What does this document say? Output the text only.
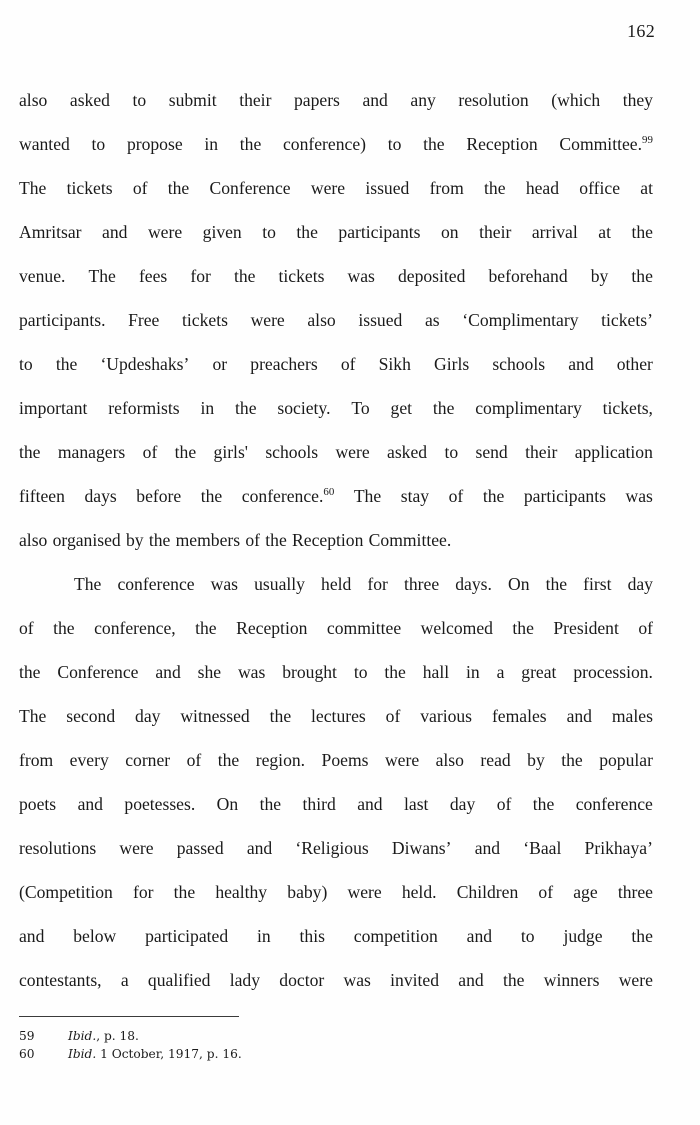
162
also asked to submit their papers and any resolution (which they
wanted to propose in the conference) to the Reception Committee.$^{99}$
The tickets of the Conference were issued from the head office at
Amritsar and were given to the participants on their arrival at the
venue. The fees for the tickets was deposited beforehand by the
participants. Free tickets were also issued as ‘Complimentary tickets’
to the ‘Updeshaks’ or preachers of Sikh Girls schools and other
important reformists in the society. To get the complimentary tickets,
the managers of the girls' schools were asked to send their application
fifteen days before the conference.$^{60}$ The stay of the participants was
also organised by the members of the Reception Committee.
The conference was usually held for three days. On the first day
of the conference, the Reception committee welcomed the President of
the Conference and she was brought to the hall in a great procession.
The second day witnessed the lectures of various females and males
from every corner of the region. Poems were also read by the popular
poets and poetesses. On the third and last day of the conference
resolutions were passed and ‘Religious Diwans’ and ‘Baal Prikhaya’
(Competition for the healthy baby) were held. Children of age three
and below participated in this competition and to judge the
contestants, a qualified lady doctor was invited and the winners were
59	Ibid., p. 18.
60	Ibid. 1 October, 1917, p. 16.
